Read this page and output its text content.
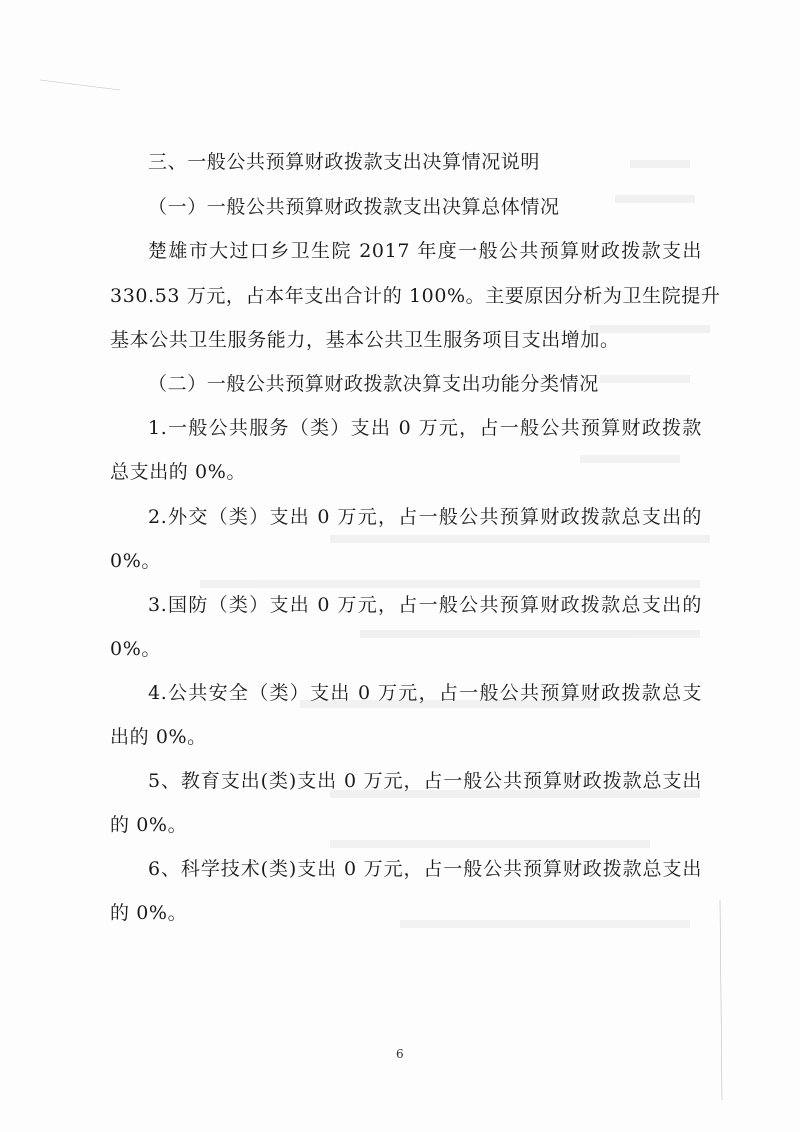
三、一般公共预算财政拨款支出决算情况说明
（一）一般公共预算财政拨款支出决算总体情况
楚雄市大过口乡卫生院 2017 年度一般公共预算财政拨款支出
330.53 万元，占本年支出合计的 100%。主要原因分析为卫生院提升
基本公共卫生服务能力，基本公共卫生服务项目支出增加。
（二）一般公共预算财政拨款决算支出功能分类情况
1.一般公共服务（类）支出 0 万元，占一般公共预算财政拨款
总支出的 0%。
2.外交（类）支出 0 万元，占一般公共预算财政拨款总支出的
0%。
3.国防（类）支出 0 万元，占一般公共预算财政拨款总支出的
0%。
4.公共安全（类）支出 0 万元，占一般公共预算财政拨款总支
出的 0%。
5、教育支出(类)支出 0 万元，占一般公共预算财政拨款总支出
的 0%。
6、科学技术(类)支出 0 万元，占一般公共预算财政拨款总支出
的 0%。
6
